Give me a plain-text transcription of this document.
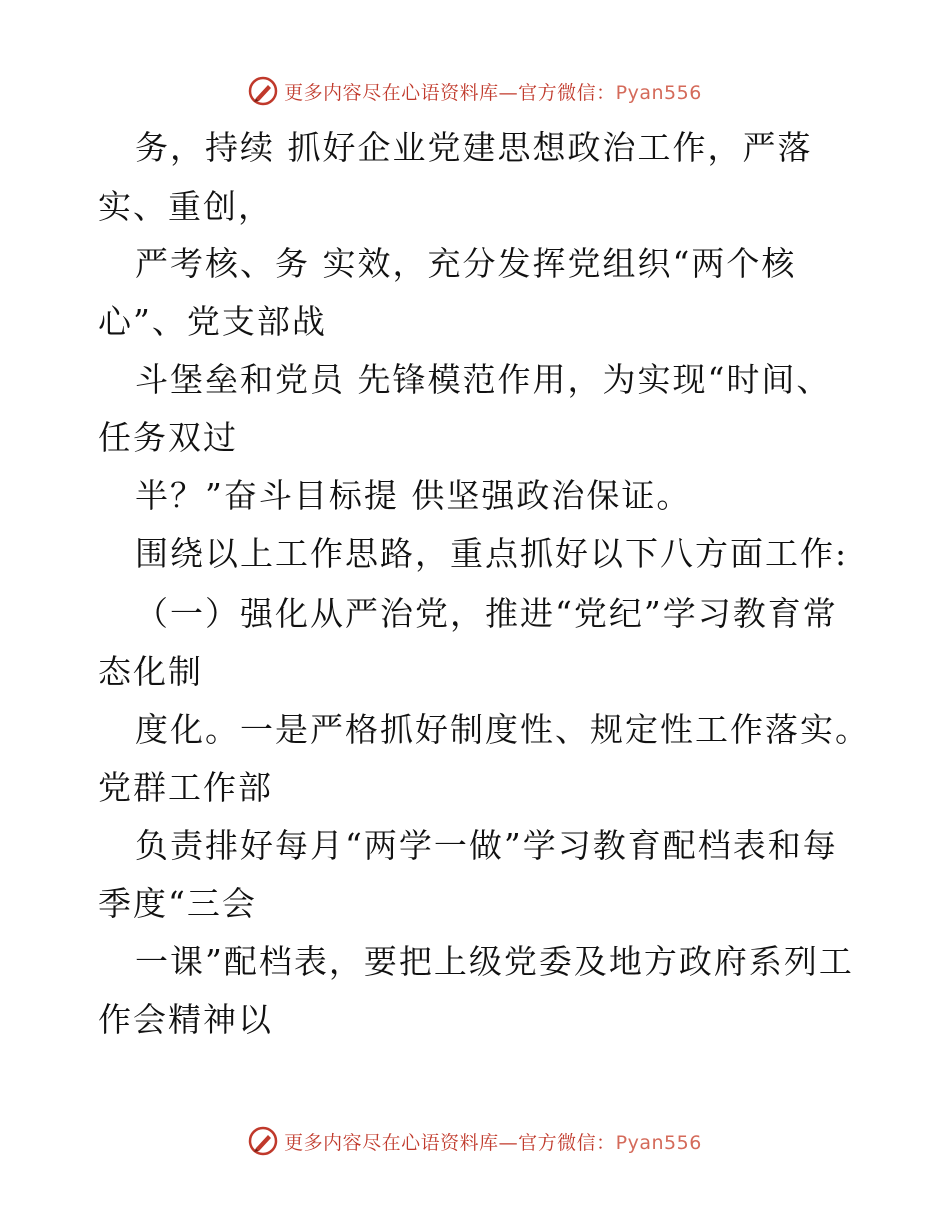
更多内容尽在心语资料库—官方微信：Pyan556
务，持续 抓好企业党建思想政治工作，严落
实、重创，
严考核、务 实效，充分发挥党组织“两个核
心”、党支部战
斗堡垒和党员 先锋模范作用，为实现“时间、
任务双过
半？”奋斗目标提 供坚强政治保证。
围绕以上工作思路，重点抓好以下八方面工作:
（一）强化从严治党，推进“党纪”学习教育常
态化制
度化。一是严格抓好制度性、规定性工作落实。
党群工作部
负责排好每月“两学一做”学习教育配档表和每
季度“三会
一课”配档表，要把上级党委及地方政府系列工
作会精神以
更多内容尽在心语资料库—官方微信：Pyan556
